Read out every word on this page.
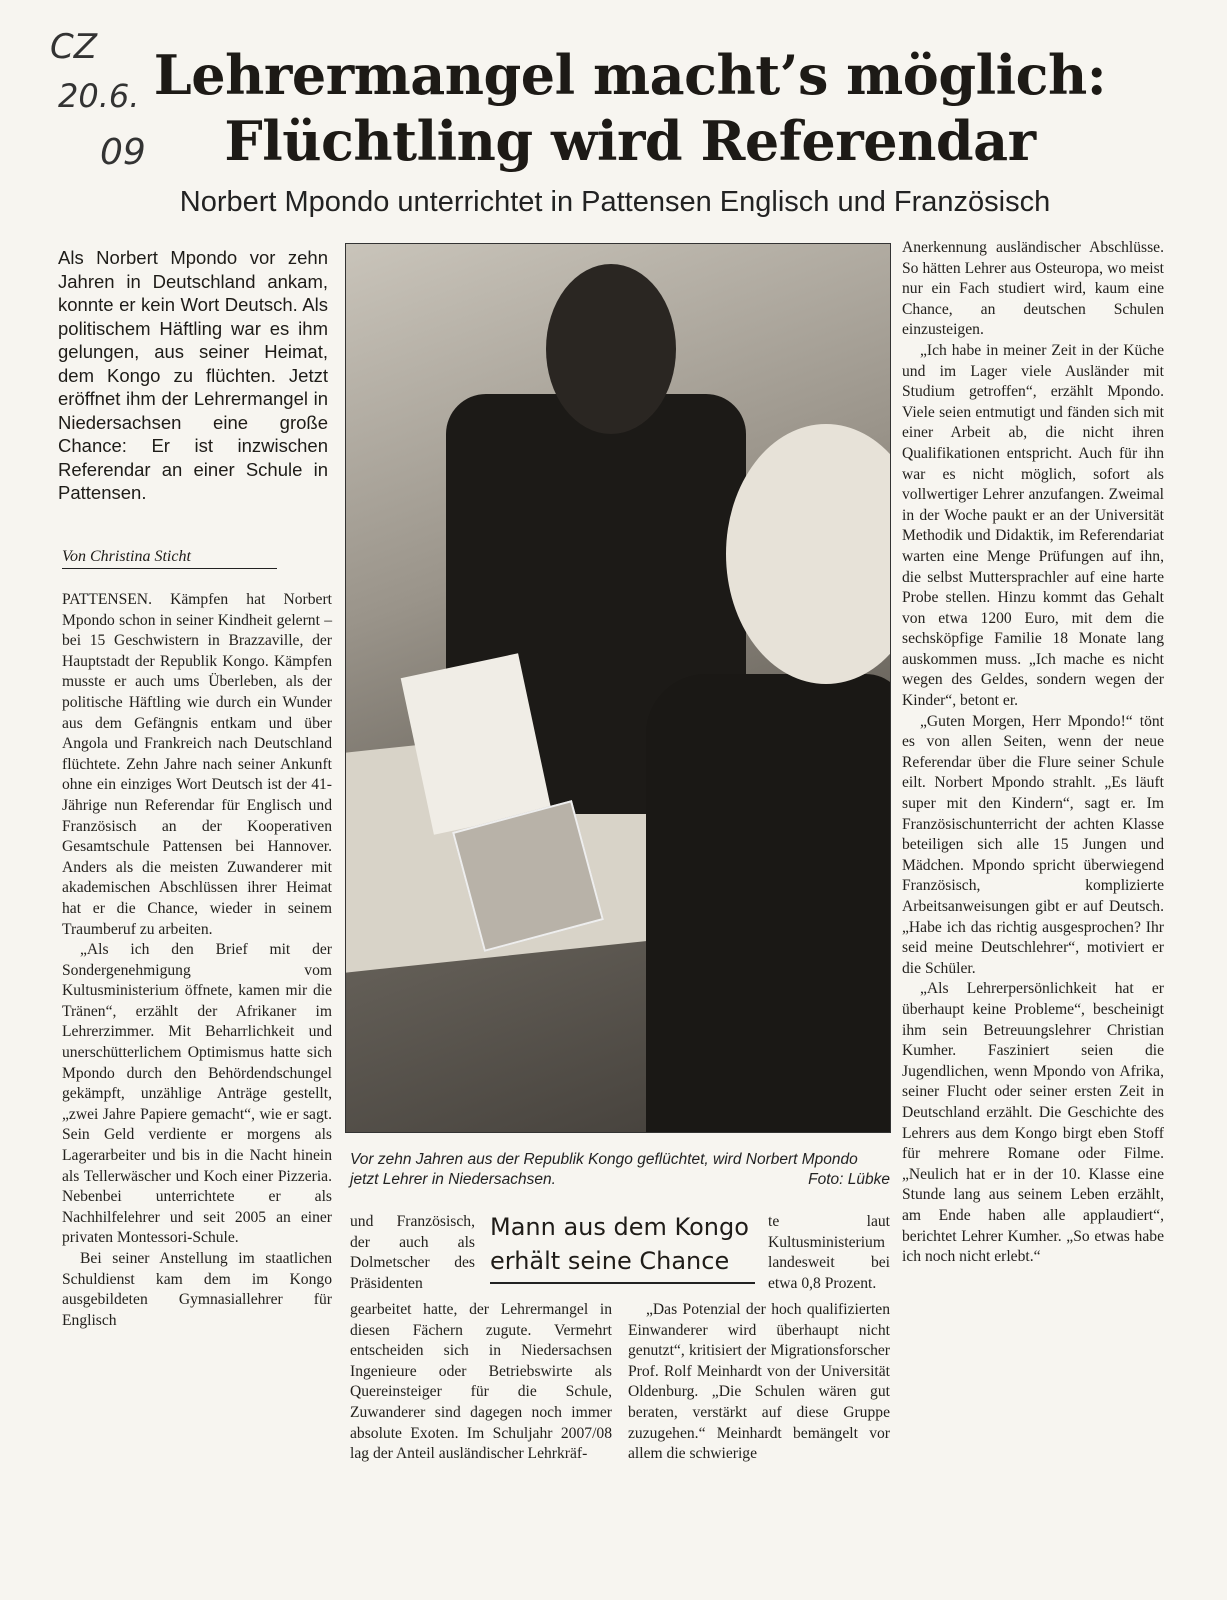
CZ
20.6.
09
Lehrermangel macht’s möglich:
Flüchtling wird Referendar
Norbert Mpondo unterrichtet in Pattensen Englisch und Französisch
Als Norbert Mpondo vor zehn Jahren in Deutschland ankam, konnte er kein Wort Deutsch. Als politischem Häftling war es ihm gelungen, aus seiner Heimat, dem Kongo zu flüchten. Jetzt eröffnet ihm der Lehrermangel in Niedersachsen eine große Chance: Er ist inzwischen Referendar an einer Schule in Pattensen.
Von Christina Sticht

PATTENSEN. Kämpfen hat Norbert Mpondo schon in seiner Kindheit gelernt – bei 15 Geschwistern in Brazzaville, der Hauptstadt der Republik Kongo. Kämpfen musste er auch ums Überleben, als der politische Häftling wie durch ein Wunder aus dem Gefängnis entkam und über Angola und Frankreich nach Deutschland flüchtete. Zehn Jahre nach seiner Ankunft ohne ein einziges Wort Deutsch ist der 41-Jährige nun Referendar für Englisch und Französisch an der Kooperativen Gesamtschule Pattensen bei Hannover. Anders als die meisten Zuwanderer mit akademischen Abschlüssen ihrer Heimat hat er die Chance, wieder in seinem Traumberuf zu arbeiten.

„Als ich den Brief mit der Sondergenehmigung vom Kultusministerium öffnete, kamen mir die Tränen“, erzählt der Afrikaner im Lehrerzimmer. Mit Beharrlichkeit und unerschütterlichem Optimismus hatte sich Mpondo durch den Behördendschungel gekämpft, unzählige Anträge gestellt, „zwei Jahre Papiere gemacht“, wie er sagt. Sein Geld verdiente er morgens als Lagerarbeiter und bis in die Nacht hinein als Tellerwäscher und Koch einer Pizzeria. Nebenbei unterrichtete er als Nachhilfelehrer und seit 2005 an einer privaten Montessori-Schule.

Bei seiner Anstellung im staatlichen Schuldienst kam dem im Kongo ausgebildeten Gymnasiallehrer für Englisch

Vor zehn Jahren aus der Republik Kongo geflüchtet, wird Norbert Mpondo jetzt Lehrer in Niedersachsen.	Foto: Lübke

und Französisch, der auch als Dolmetscher des Präsidenten

Mann aus dem Kongo
erhält seine Chance

te laut Kultusministerium landesweit bei etwa 0,8 Prozent.

gearbeitet hatte, der Lehrermangel in diesen Fächern zugute. Vermehrt entscheiden sich in Niedersachsen Ingenieure oder Betriebswirte als Quereinsteiger für die Schule, Zuwanderer sind dagegen noch immer absolute Exoten. Im Schuljahr 2007/08 lag der Anteil ausländischer Lehrkräf-

„Das Potenzial der hoch qualifizierten Einwanderer wird überhaupt nicht genutzt“, kritisiert der Migrationsforscher Prof. Rolf Meinhardt von der Universität Oldenburg. „Die Schulen wären gut beraten, verstärkt auf diese Gruppe zuzugehen.“ Meinhardt bemängelt vor allem die schwierige

Anerkennung ausländischer Abschlüsse. So hätten Lehrer aus Osteuropa, wo meist nur ein Fach studiert wird, kaum eine Chance, an deutschen Schulen einzusteigen.

„Ich habe in meiner Zeit in der Küche und im Lager viele Ausländer mit Studium getroffen“, erzählt Mpondo. Viele seien entmutigt und fänden sich mit einer Arbeit ab, die nicht ihren Qualifikationen entspricht. Auch für ihn war es nicht möglich, sofort als vollwertiger Lehrer anzufangen. Zweimal in der Woche paukt er an der Universität Methodik und Didaktik, im Referendariat warten eine Menge Prüfungen auf ihn, die selbst Muttersprachler auf eine harte Probe stellen. Hinzu kommt das Gehalt von etwa 1200 Euro, mit dem die sechsköpfige Familie 18 Monate lang auskommen muss. „Ich mache es nicht wegen des Geldes, sondern wegen der Kinder“, betont er.

„Guten Morgen, Herr Mpondo!“ tönt es von allen Seiten, wenn der neue Referendar über die Flure seiner Schule eilt. Norbert Mpondo strahlt. „Es läuft super mit den Kindern“, sagt er. Im Französischunterricht der achten Klasse beteiligen sich alle 15 Jungen und Mädchen. Mpondo spricht überwiegend Französisch, komplizierte Arbeitsanweisungen gibt er auf Deutsch. „Habe ich das richtig ausgesprochen? Ihr seid meine Deutschlehrer“, motiviert er die Schüler.

„Als Lehrerpersönlichkeit hat er überhaupt keine Probleme“, bescheinigt ihm sein Betreuungslehrer Christian Kumher. Fasziniert seien die Jugendlichen, wenn Mpondo von Afrika, seiner Flucht oder seiner ersten Zeit in Deutschland erzählt. Die Geschichte des Lehrers aus dem Kongo birgt eben Stoff für mehrere Romane oder Filme. „Neulich hat er in der 10. Klasse eine Stunde lang aus seinem Leben erzählt, am Ende haben alle applaudiert“, berichtet Lehrer Kumher. „So etwas habe ich noch nicht erlebt.“
